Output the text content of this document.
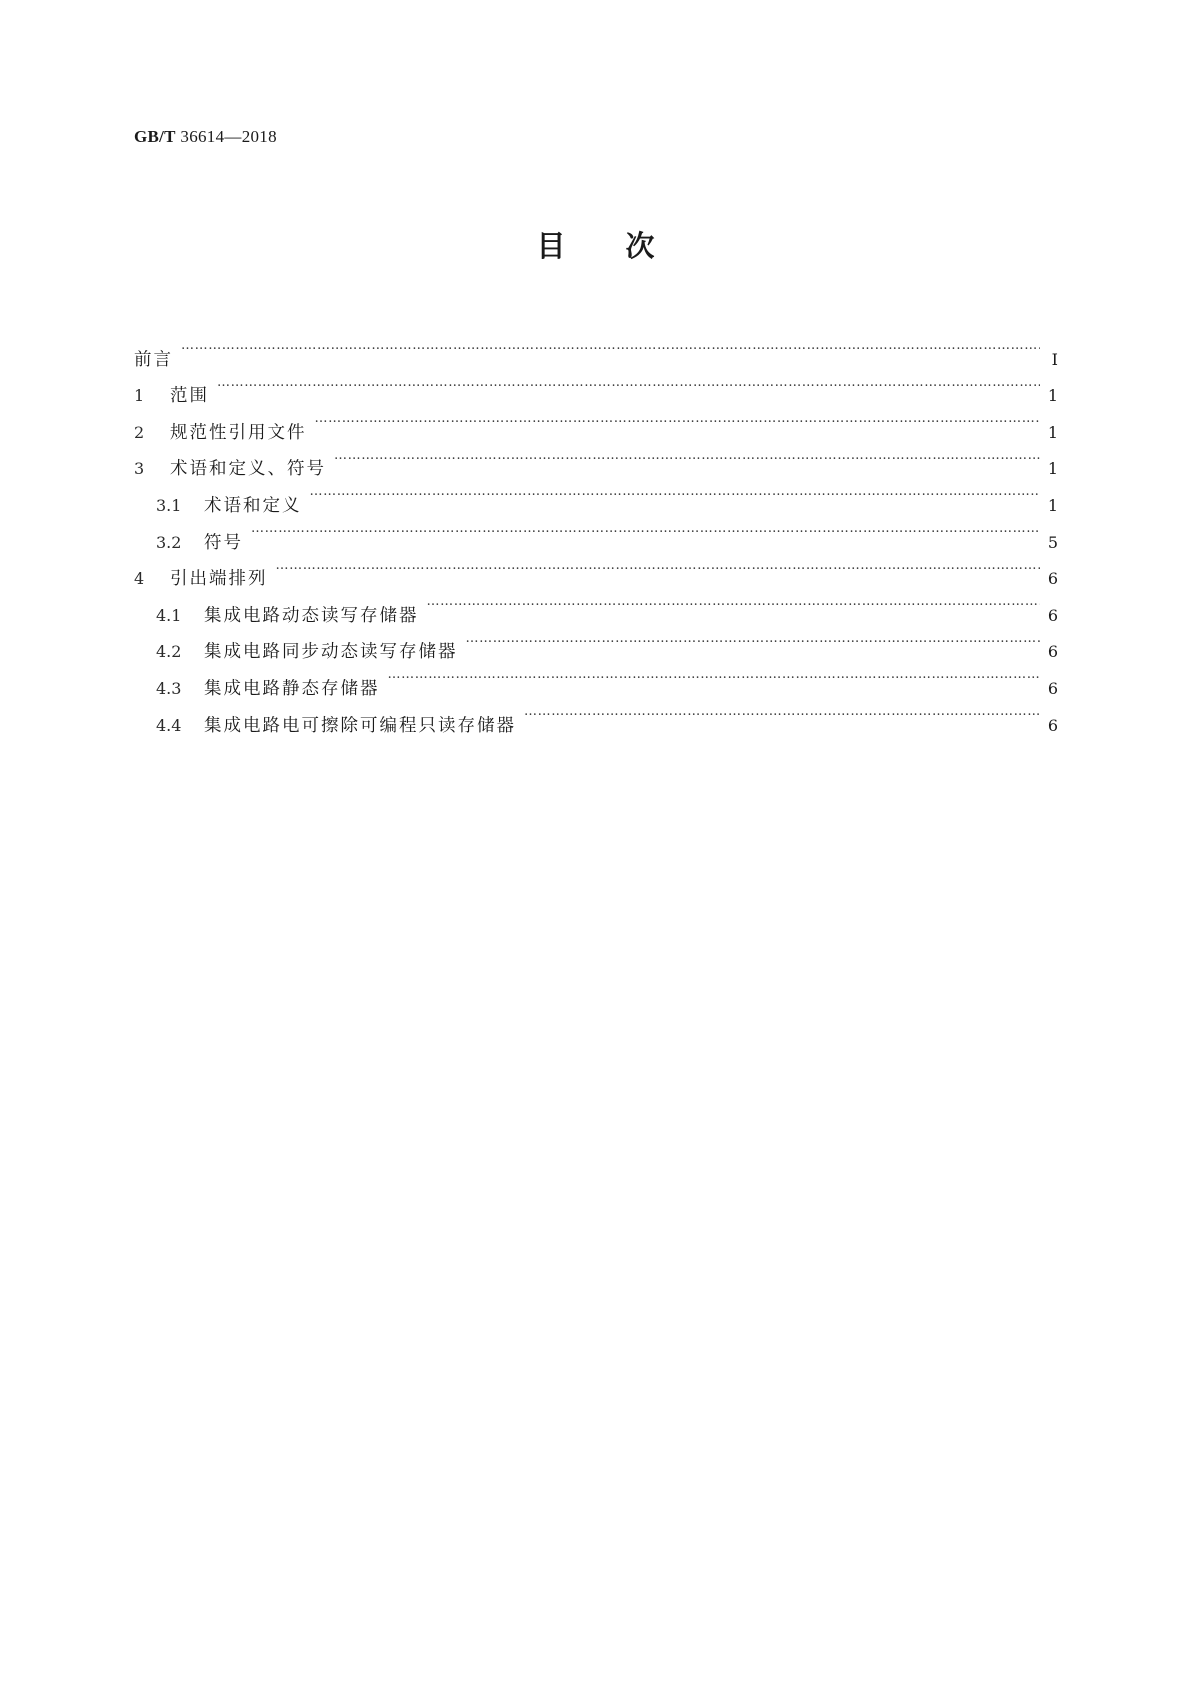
GB/T 36614—2018
目次
前言 ……………………………………………………………………………………………………………………………………………………………………………………………	Ⅰ
1	范围 ……………………………………………………………………………………………………………………………………………………………………………………………	1
2	规范性引用文件 ……………………………………………………………………………………………………………………………………………………………………………………………	1
3	术语和定义、符号 ……………………………………………………………………………………………………………………………………………………………………………………………	1
3.1	术语和定义 ……………………………………………………………………………………………………………………………………………………………………………………………	1
3.2	符号 ……………………………………………………………………………………………………………………………………………………………………………………………	5
4	引出端排列 ……………………………………………………………………………………………………………………………………………………………………………………………	6
4.1	集成电路动态读写存储器 ……………………………………………………………………………………………………………………………………………………………………………………………	6
4.2	集成电路同步动态读写存储器 ……………………………………………………………………………………………………………………………………………………………………………………………	6
4.3	集成电路静态存储器 ……………………………………………………………………………………………………………………………………………………………………………………………	6
4.4	集成电路电可擦除可编程只读存储器 ……………………………………………………………………………………………………………………………………………………………………………………………	6
